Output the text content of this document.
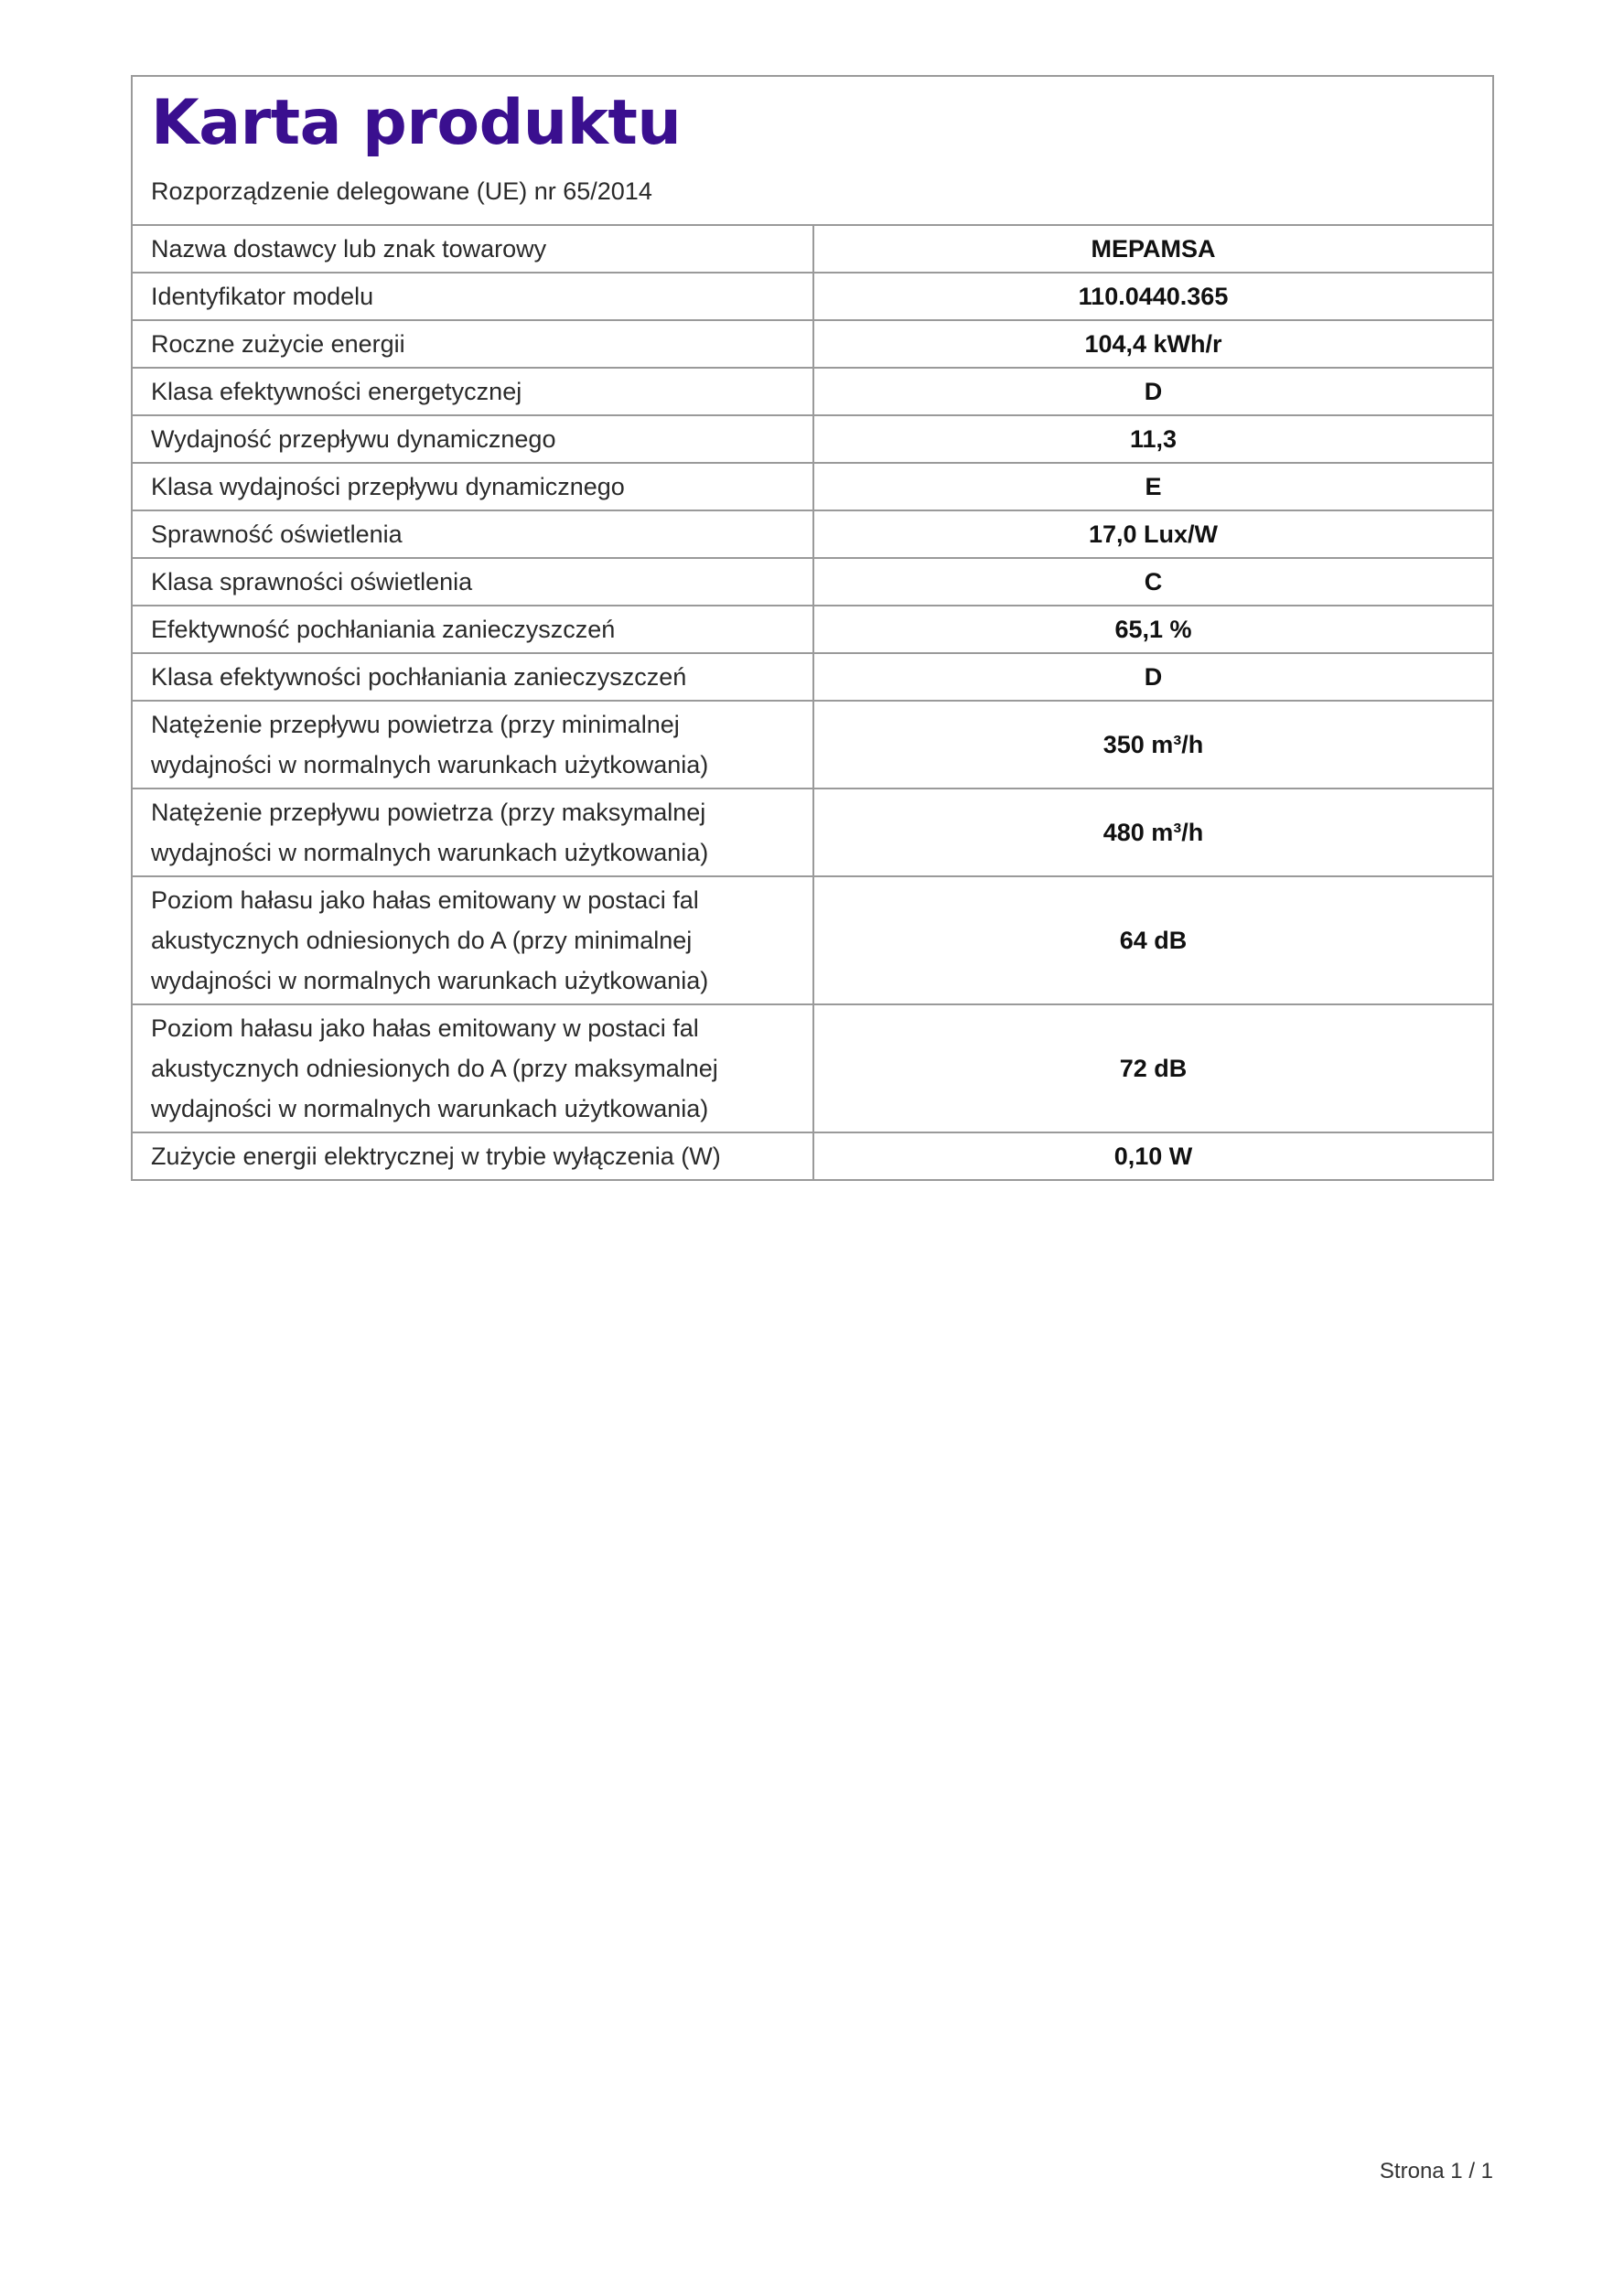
Karta produktu
Rozporządzenie delegowane (UE) nr 65/2014
Nazwa dostawcy lub znak towarowy	MEPAMSA
Identyfikator modelu	110.0440.365
Roczne zużycie energii	104,4 kWh/r
Klasa efektywności energetycznej	D
Wydajność przepływu dynamicznego	11,3
Klasa wydajności przepływu dynamicznego	E
Sprawność oświetlenia	17,0 Lux/W
Klasa sprawności oświetlenia	C
Efektywność pochłaniania zanieczyszczeń	65,1 %
Klasa efektywności pochłaniania zanieczyszczeń	D
Natężenie przepływu powietrza (przy minimalnej wydajności w normalnych warunkach użytkowania)	350 m³/h
Natężenie przepływu powietrza (przy maksymalnej wydajności w normalnych warunkach użytkowania)	480 m³/h
Poziom hałasu jako hałas emitowany w postaci fal akustycznych odniesionych do A (przy minimalnej wydajności w normalnych warunkach użytkowania)	64 dB
Poziom hałasu jako hałas emitowany w postaci fal akustycznych odniesionych do A (przy maksymalnej wydajności w normalnych warunkach użytkowania)	72 dB
Zużycie energii elektrycznej w trybie wyłączenia (W)	0,10 W
Strona 1 / 1
